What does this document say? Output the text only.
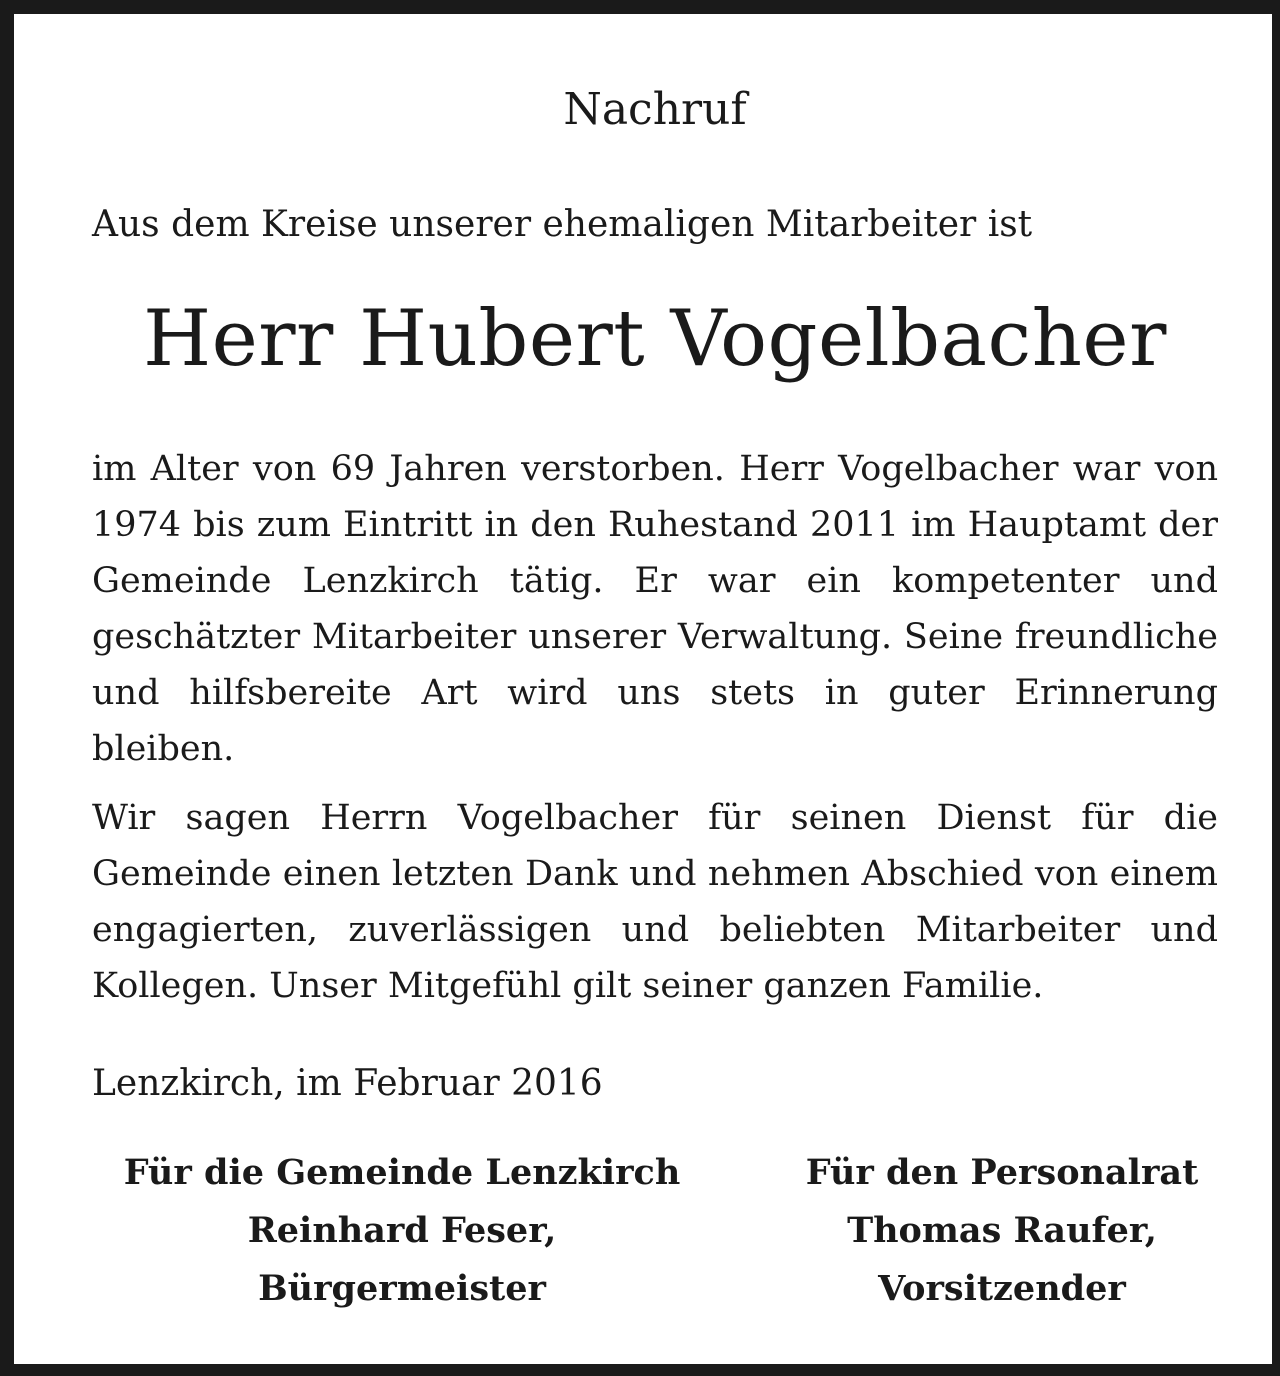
Nachruf
Aus dem Kreise unserer ehemaligen Mitarbeiter ist
Herr Hubert Vogelbacher
im Alter von 69 Jahren verstorben. Herr Vogelbacher war von 1974 bis zum Eintritt in den Ruhestand 2011 im Hauptamt der Gemeinde Lenzkirch tätig. Er war ein kompetenter und geschätzter Mitarbeiter unserer Verwaltung. Seine freundliche und hilfsbereite Art wird uns stets in guter Erinnerung bleiben.
Wir sagen Herrn Vogelbacher für seinen Dienst für die Gemeinde einen letzten Dank und nehmen Abschied von einem engagierten, zuverlässigen und beliebten Mitarbeiter und Kollegen. Unser Mitgefühl gilt seiner ganzen Familie.
Lenzkirch, im Februar 2016
Für die Gemeinde Lenzkirch
Reinhard Feser,
Bürgermeister
Für den Personalrat
Thomas Raufer,
Vorsitzender
